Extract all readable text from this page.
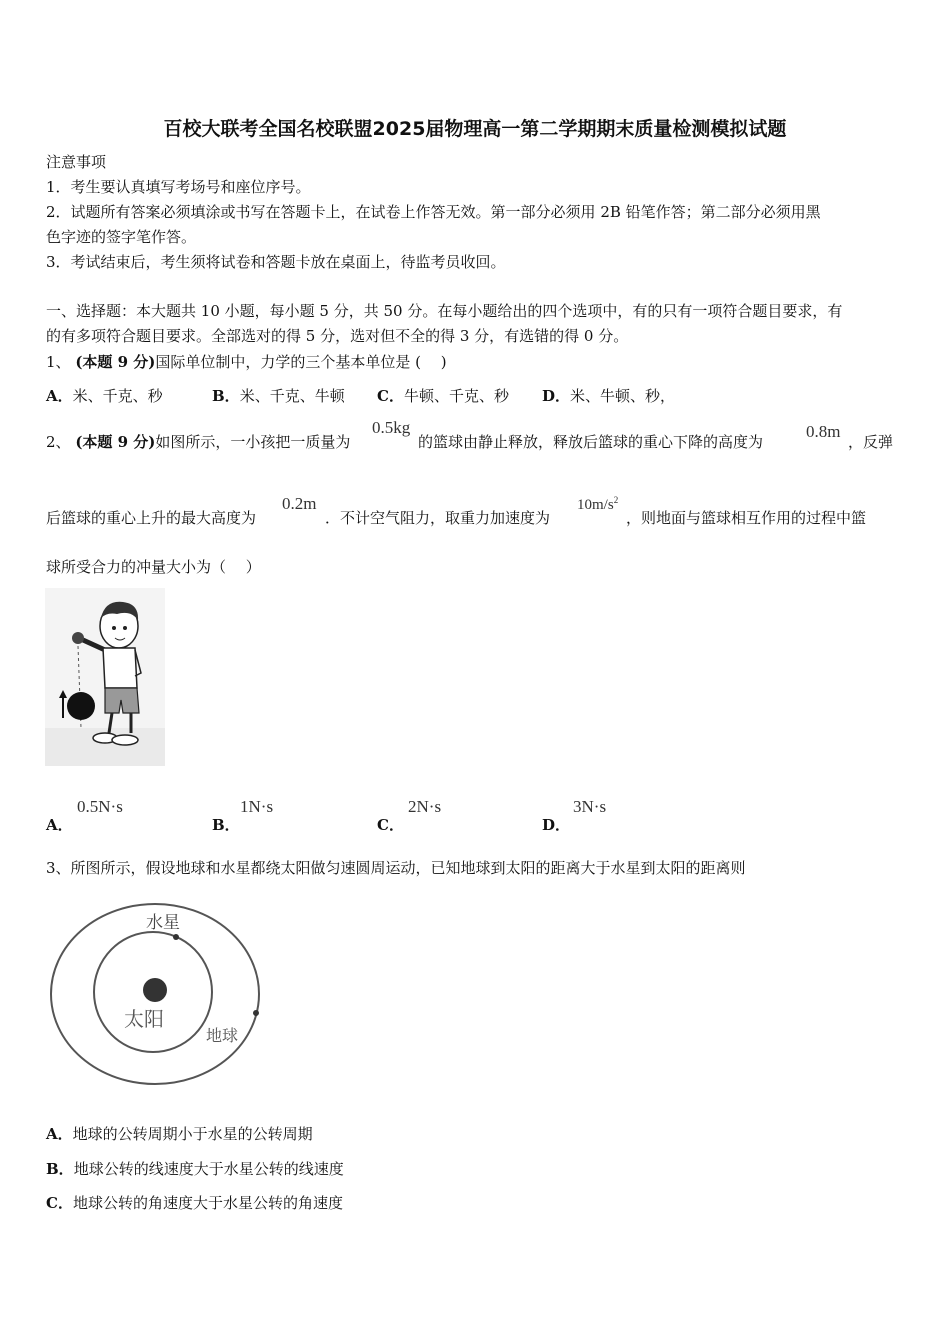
百校大联考全国名校联盟2025届物理高一第二学期期末质量检测模拟试题
注意事项
1．考生要认真填写考场号和座位序号。
2．试题所有答案必须填涂或书写在答题卡上，在试卷上作答无效。第一部分必须用 2B 铅笔作答；第二部分必须用黑
色字迹的签字笔作答。
3．考试结束后，考生须将试卷和答题卡放在桌面上，待监考员收回。
一、选择题：本大题共 10 小题，每小题 5 分，共 50 分。在每小题给出的四个选项中，有的只有一项符合题目要求，有
的有多项符合题目要求。全部选对的得 5 分，选对但不全的得 3 分，有选错的得 0 分。
1、 (本题 9 分)国际单位制中，力学的三个基本单位是 (　 )
A．米、千克、秒	B．米、千克、牛顿 C．牛顿、千克、秒 D．米、牛顿、秒，
2、 (本题 9 分)如图所示，一小孩把一质量为
0.5kg
的篮球由静止释放，释放后篮球的重心下降的高度为
0.8m
，反弹
后篮球的重心上升的最大高度为
0.2m
．不计空气阻力，取重力加速度为
$10m/s^2$
，则地面与篮球相互作用的过程中篮
球所受合力的冲量大小为（　 ）
A．
0.5N·s
B．
1N·s
C．
2N·s
D．
3N·s
3、所图所示，假设地球和水星都绕太阳做匀速圆周运动，已知地球到太阳的距离大于水星到太阳的距离则
水星
太阳
地球
A．地球的公转周期小于水星的公转周期
B．地球公转的线速度大于水星公转的线速度
C．地球公转的角速度大于水星公转的角速度
